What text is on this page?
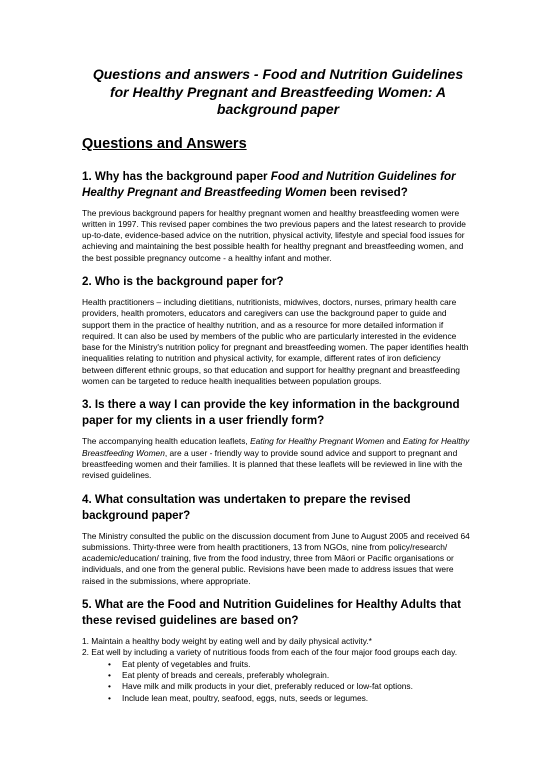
Questions and answers - Food and Nutrition Guidelines for Healthy Pregnant and Breastfeeding Women: A background paper
Questions and Answers
1. Why has the background paper Food and Nutrition Guidelines for Healthy Pregnant and Breastfeeding Women been revised?

The previous background papers for healthy pregnant women and healthy breastfeeding women were written in 1997. This revised paper combines the two previous papers and the latest research to provide up-to-date, evidence-based advice on the nutrition, physical activity, lifestyle and special food issues for achieving and maintaining the best possible health for healthy pregnant and breastfeeding women, and the best possible pregnancy outcome - a healthy infant and mother.

2. Who is the background paper for?

Health practitioners – including dietitians, nutritionists, midwives, doctors, nurses, primary health care providers, health promoters, educators and caregivers can use the background paper to guide and support them in the practice of healthy nutrition, and as a resource for more detailed information if required. It can also be used by members of the public who are particularly interested in the evidence base for the Ministry's nutrition policy for pregnant and breastfeeding women. The paper identifies health inequalities relating to nutrition and physical activity, for example, different rates of iron deficiency between different ethnic groups, so that education and support for healthy pregnant and breastfeeding women can be targeted to reduce health inequalities between population groups.

3. Is there a way I can provide the key information in the background paper for my clients in a user friendly form?

The accompanying health education leaflets, Eating for Healthy Pregnant Women and Eating for Healthy Breastfeeding Women, are a user - friendly way to provide sound advice and support to pregnant and breastfeeding women and their families. It is planned that these leaflets will be reviewed in line with the revised guidelines.

4. What consultation was undertaken to prepare the revised background paper?

The Ministry consulted the public on the discussion document from June to August 2005 and received 64 submissions. Thirty-three were from health practitioners, 13 from NGOs, nine from policy/research/ academic/education/ training, five from the food industry, three from Māori or Pacific organisations or individuals, and one from the general public. Revisions have been made to address issues that were raised in the submissions, where appropriate.

5. What are the Food and Nutrition Guidelines for Healthy Adults that these revised guidelines are based on?

1. Maintain a healthy body weight by eating well and by daily physical activity.*

2. Eat well by including a variety of nutritious foods from each of the four major food groups each day.

• Eat plenty of vegetables and fruits.
• Eat plenty of breads and cereals, preferably wholegrain.
• Have milk and milk products in your diet, preferably reduced or low-fat options.
• Include lean meat, poultry, seafood, eggs, nuts, seeds or legumes.
